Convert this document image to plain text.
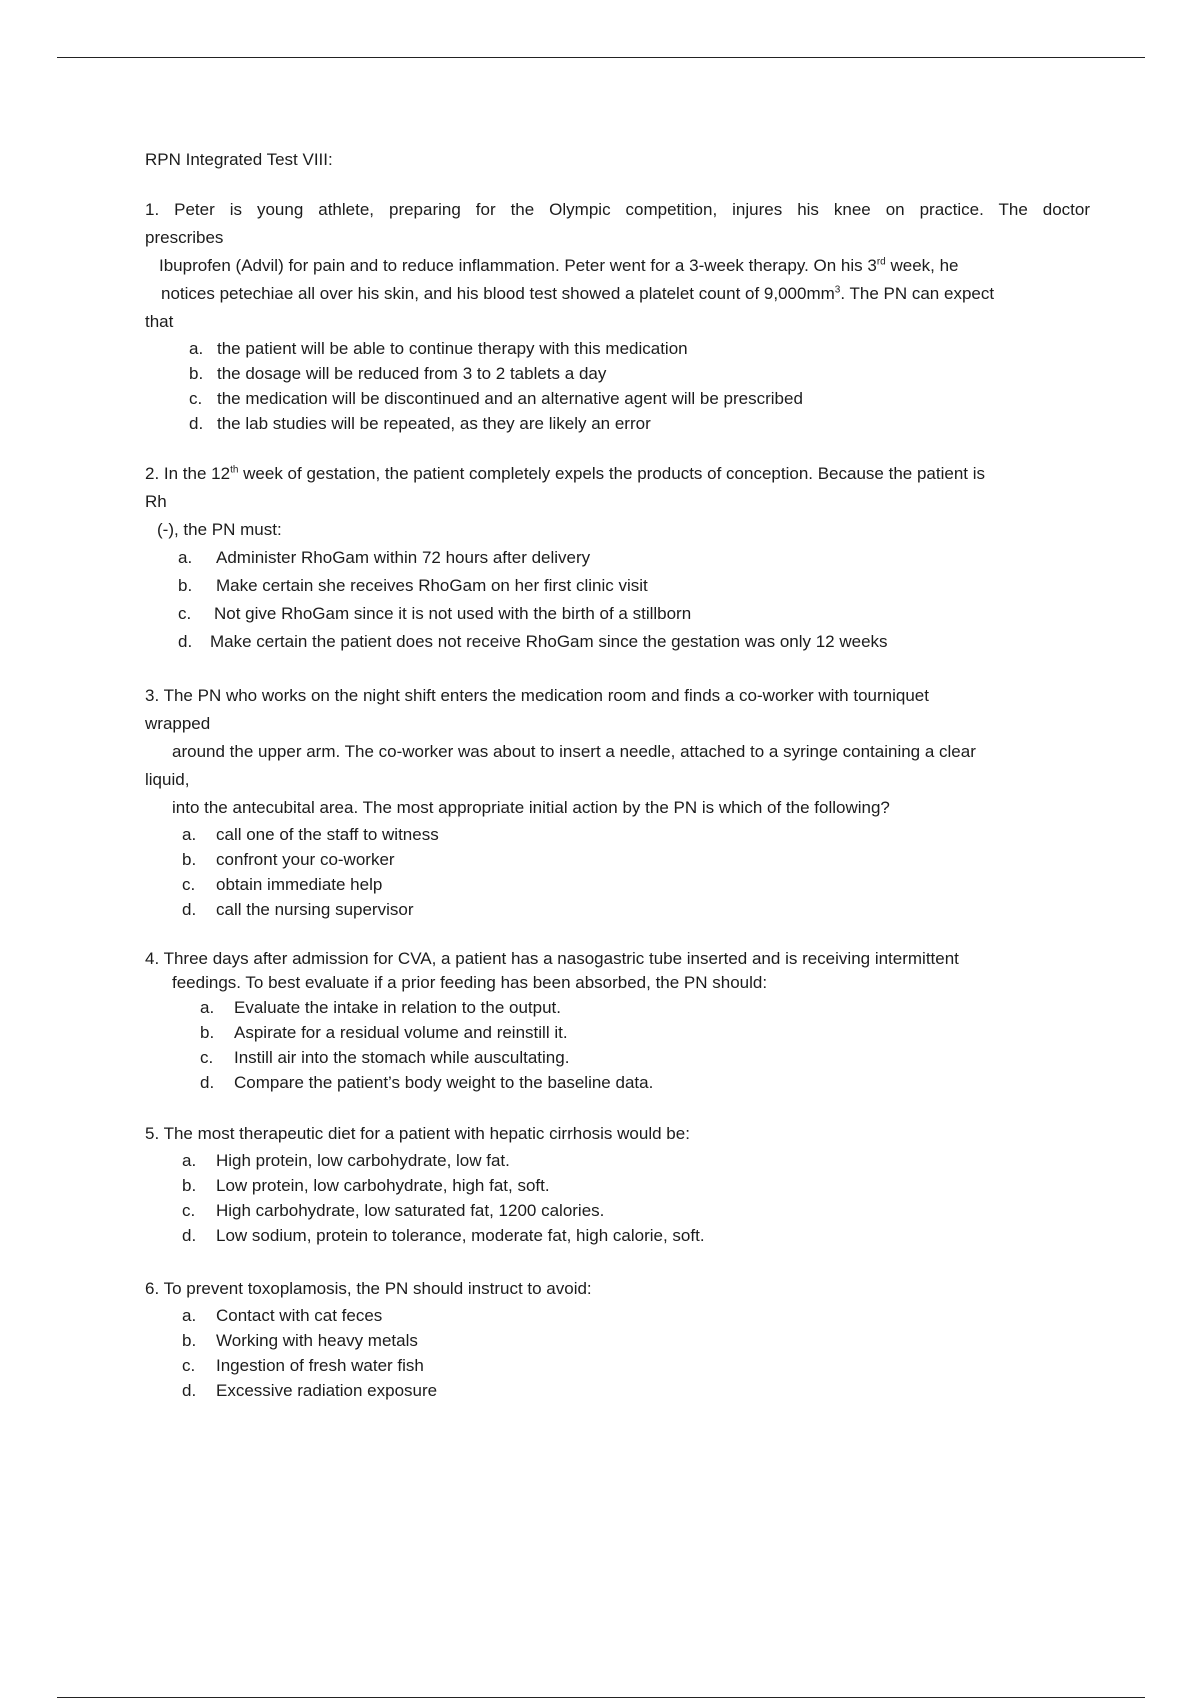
RPN Integrated Test VIII:
1. Peter is young athlete, preparing for the Olympic competition, injures his knee on practice. The doctor
prescribes
Ibuprofen (Advil) for pain and to reduce inflammation. Peter went for a 3-week therapy. On his 3rd week, he
notices petechiae all over his skin, and his blood test showed a platelet count of $9,000mm^3$. The PN can expect
that
a. the patient will be able to continue therapy with this medication
b. the dosage will be reduced from 3 to 2 tablets a day
c. the medication will be discontinued and an alternative agent will be prescribed
d. the lab studies will be repeated, as they are likely an error
2. In the 12th week of gestation, the patient completely expels the products of conception. Because the patient is
Rh
(-), the PN must:
a. Administer RhoGam within 72 hours after delivery
b. Make certain she receives RhoGam on her first clinic visit
c. Not give RhoGam since it is not used with the birth of a stillborn
d. Make certain the patient does not receive RhoGam since the gestation was only 12 weeks
3. The PN who works on the night shift enters the medication room and finds a co-worker with tourniquet
wrapped
around the upper arm. The co-worker was about to insert a needle, attached to a syringe containing a clear
liquid,
into the antecubital area. The most appropriate initial action by the PN is which of the following?
a. call one of the staff to witness
b. confront your co-worker
c. obtain immediate help
d. call the nursing supervisor
4. Three days after admission for CVA, a patient has a nasogastric tube inserted and is receiving intermittent
feedings. To best evaluate if a prior feeding has been absorbed, the PN should:
a. Evaluate the intake in relation to the output.
b. Aspirate for a residual volume and reinstill it.
c. Instill air into the stomach while auscultating.
d. Compare the patient’s body weight to the baseline data.
5. The most therapeutic diet for a patient with hepatic cirrhosis would be:
a. High protein, low carbohydrate, low fat.
b. Low protein, low carbohydrate, high fat, soft.
c. High carbohydrate, low saturated fat, 1200 calories.
d. Low sodium, protein to tolerance, moderate fat, high calorie, soft.
6. To prevent toxoplamosis, the PN should instruct to avoid:
a. Contact with cat feces
b. Working with heavy metals
c. Ingestion of fresh water fish
d. Excessive radiation exposure
